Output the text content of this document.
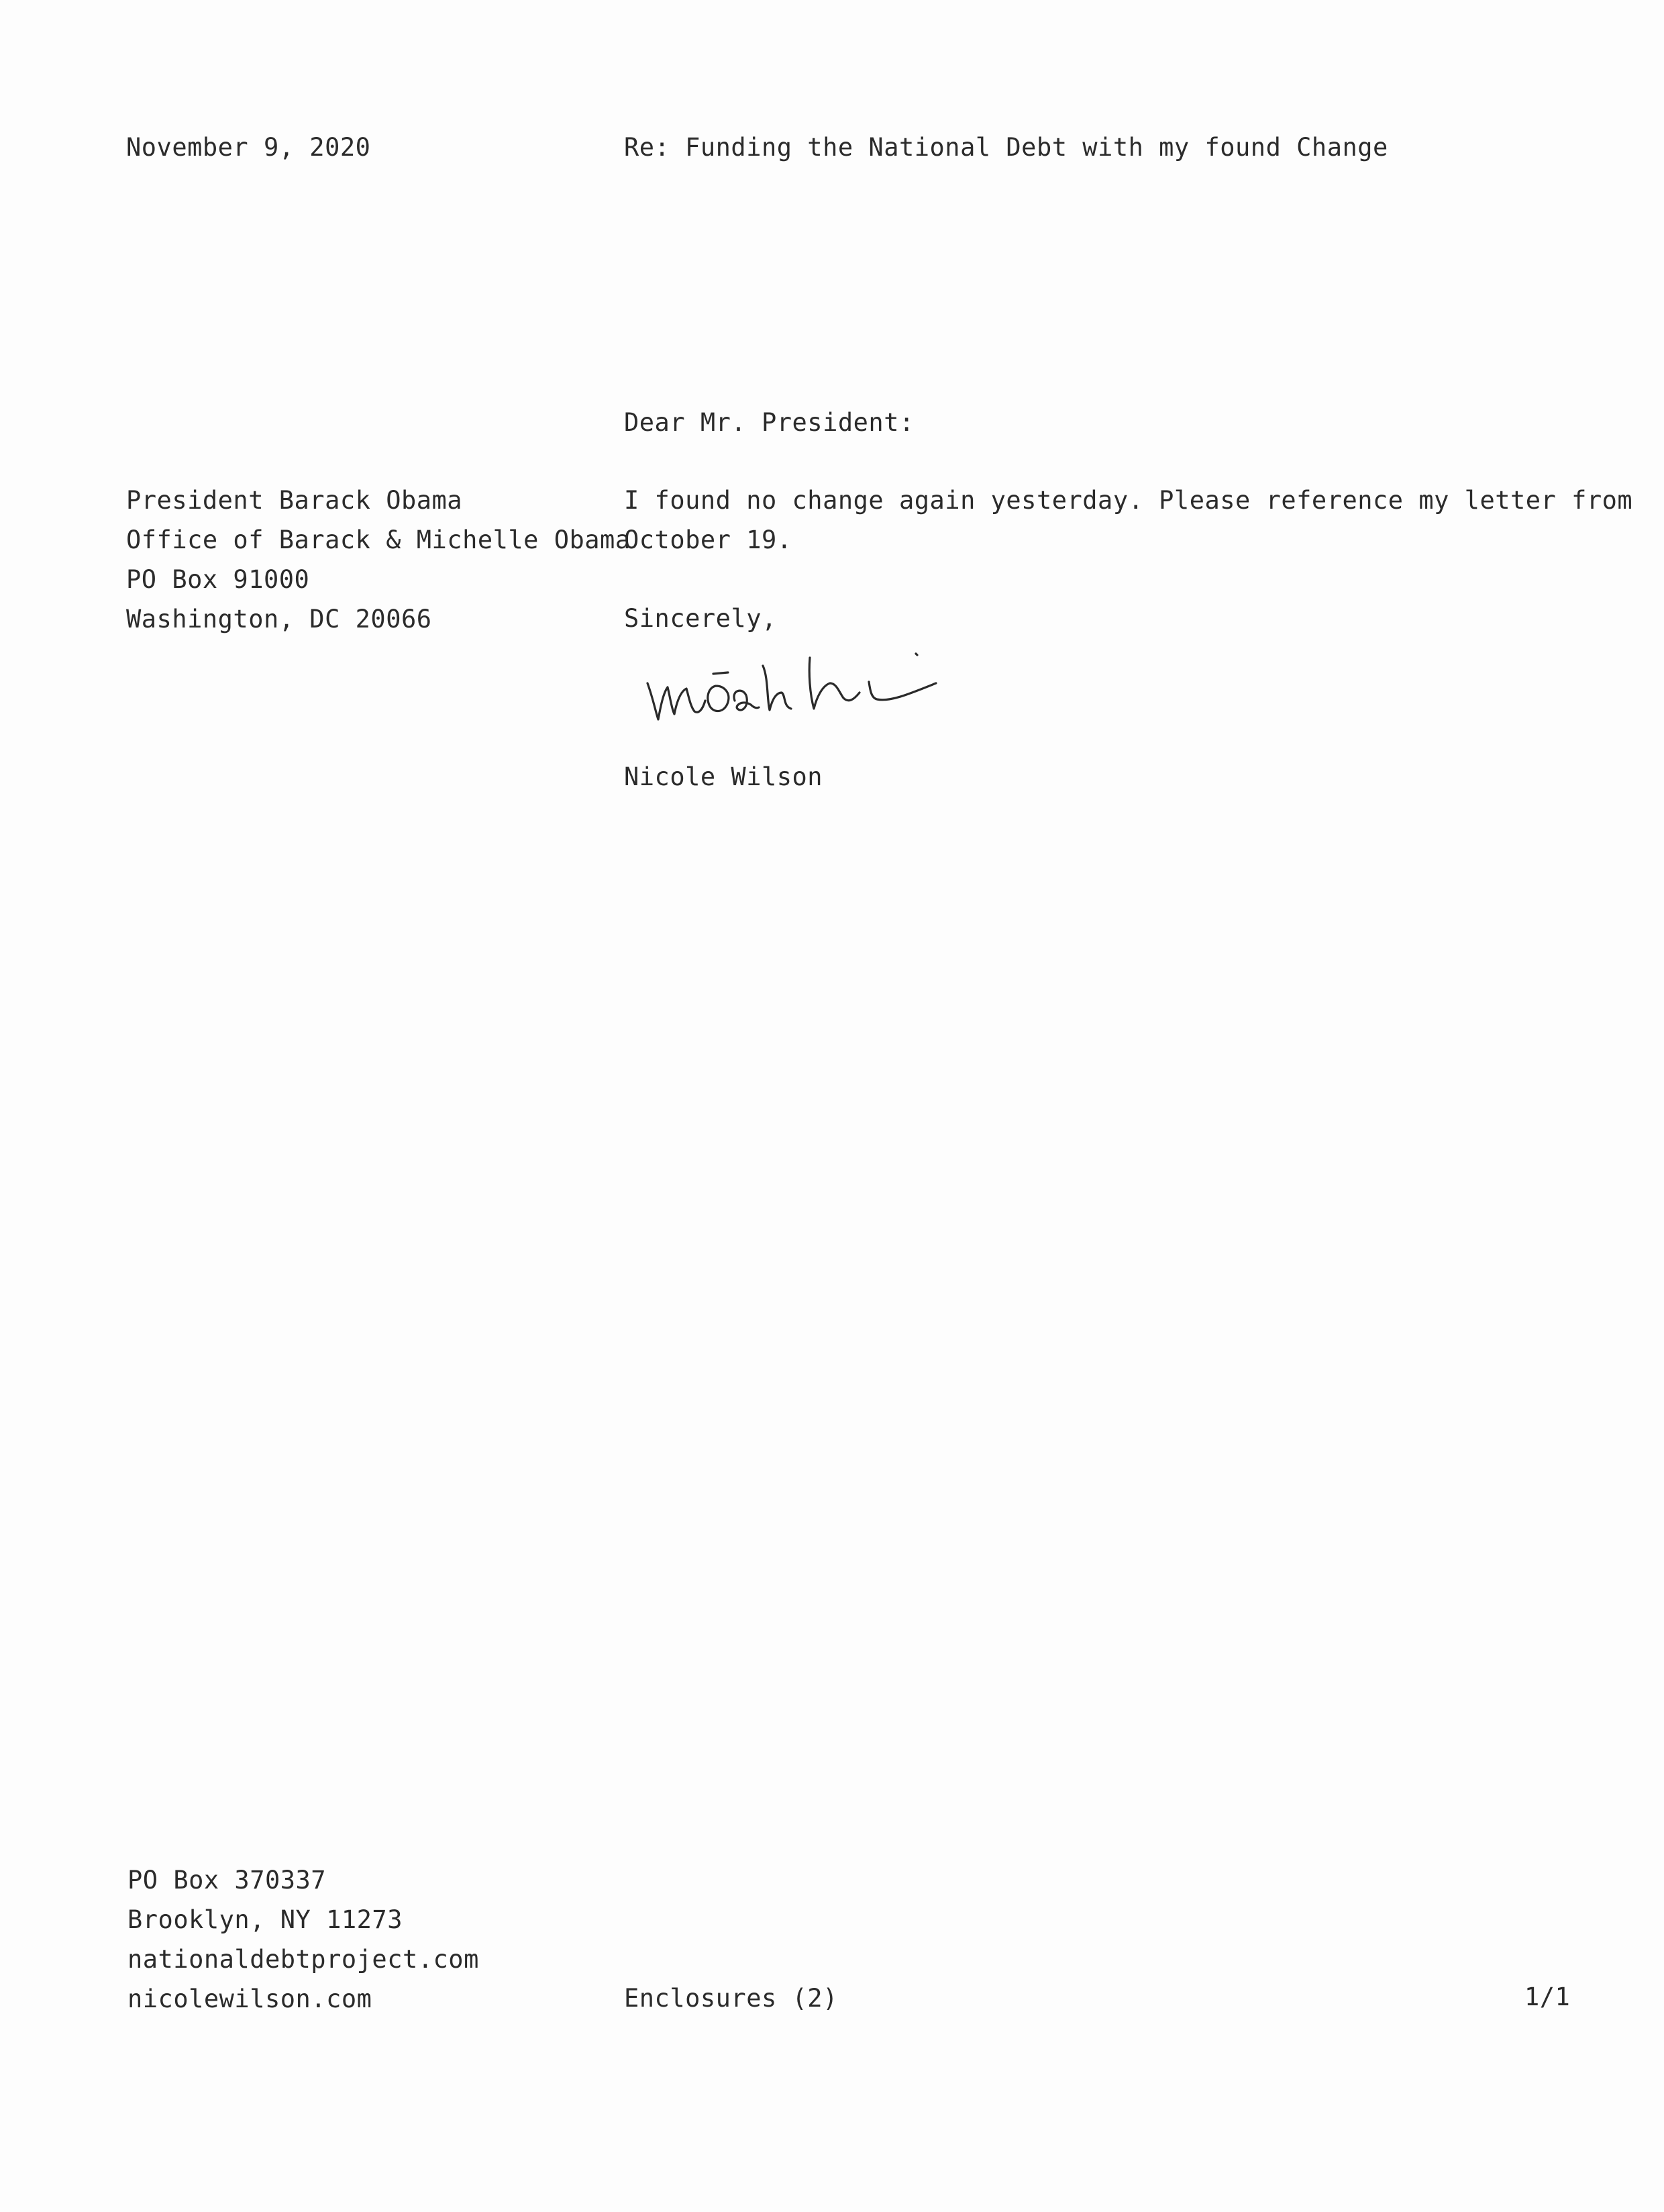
November 9, 2020	Re: Funding the National Debt with my found Change
Dear Mr. President:
President Barack Obama
Office of Barack & Michelle Obama
PO Box 91000
Washington, DC 20066
I found no change again yesterday. Please reference my letter from
October 19.
Sincerely,
Nicole Wilson
PO Box 370337
Brooklyn, NY 11273
nationaldebtproject.com
nicolewilson.com	Enclosures (2)	1/1
